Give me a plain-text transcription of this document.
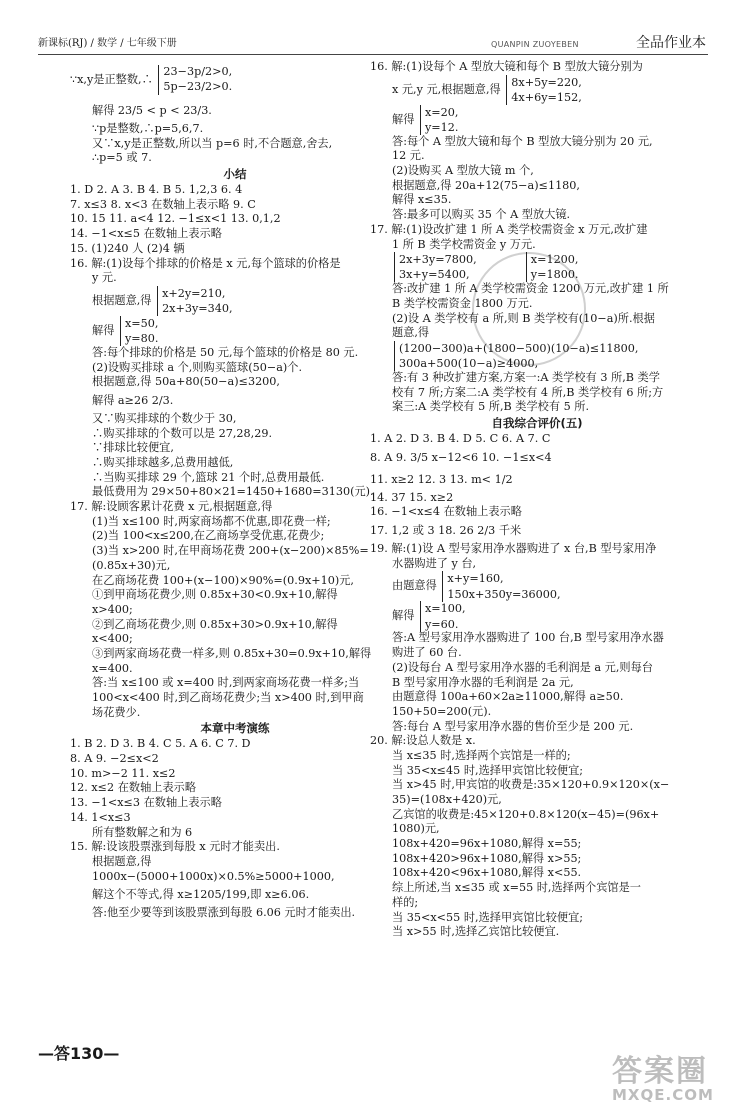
新课标(RJ) / 数学 / 七年级下册	QUANPIN ZUOYEBEN	全品作业本
∵x,y是正整数,∴
23−3p/2>0,
5p−23/2>0.
解得 23/5 < p < 23/3.
∵p是整数,∴p=5,6,7.
又∵x,y是正整数,所以当 p=6 时,不合题意,舍去,
∴p=5 或 7.
小结
1. D 2. A 3. B 4. B 5. 1,2,3 6. 4
7. x≤3 8. x<3 在数轴上表示略 9. C
10. 15 11. a<4 12. −1≤x<1 13. 0,1,2
14. −1<x≤5 在数轴上表示略
15. (1)240 人 (2)4 辆
16. 解:(1)设每个排球的价格是 x 元,每个篮球的价格是
y 元.
根据题意,得
x+2y=210,
2x+3y=340,
解得
x=50,
y=80.
答:每个排球的价格是 50 元,每个篮球的价格是 80 元.
(2)设购买排球 a 个,则购买篮球(50−a)个.
根据题意,得 50a+80(50−a)≤3200,
解得 a≥26 2/3.
又∵购买排球的个数少于 30,
∴购买排球的个数可以是 27,28,29.
∵排球比较便宜,
∴购买排球越多,总费用越低,
∴当购买排球 29 个,篮球 21 个时,总费用最低.
最低费用为 29×50+80×21=1450+1680=3130(元).
17. 解:设顾客累计花费 x 元,根据题意,得
(1)当 x≤100 时,两家商场都不优惠,即花费一样;
(2)当 100<x≤200,在乙商场享受优惠,花费少;
(3)当 x>200 时,在甲商场花费 200+(x−200)×85%=
(0.85x+30)元,
在乙商场花费 100+(x−100)×90%=(0.9x+10)元,
①到甲商场花费少,则 0.85x+30<0.9x+10,解得
x>400;
②到乙商场花费少,则 0.85x+30>0.9x+10,解得
x<400;
③到两家商场花费一样多,则 0.85x+30=0.9x+10,解得
x=400.
答:当 x≤100 或 x=400 时,到两家商场花费一样多;当
100<x<400 时,到乙商场花费少;当 x>400 时,到甲商
场花费少.
本章中考演练
1. B 2. D 3. B 4. C 5. A 6. C 7. D
8. A 9. −2≤x<2
10. m>−2 11. x≤2
12. x≤2 在数轴上表示略
13. −1<x≤3 在数轴上表示略
14. 1<x≤3
所有整数解之和为 6
15. 解:设该股票涨到每股 x 元时才能卖出.
根据题意,得
1000x−(5000+1000x)×0.5%≥5000+1000,
解这个不等式,得 x≥1205/199,即 x≥6.06.
答:他至少要等到该股票涨到每股 6.06 元时才能卖出.
16. 解:(1)设每个 A 型放大镜和每个 B 型放大镜分别为
x 元,y 元,根据题意,得
8x+5y=220,
4x+6y=152,
解得
x=20,
y=12.
答:每个 A 型放大镜和每个 B 型放大镜分别为 20 元,
12 元.
(2)设购买 A 型放大镜 m 个,
根据题意,得 20a+12(75−a)≤1180,
解得 x≤35.
答:最多可以购买 35 个 A 型放大镜.
17. 解:(1)设改扩建 1 所 A 类学校需资金 x 万元,改扩建
1 所 B 类学校需资金 y 万元.
2x+3y=7800,
3x+y=5400,

x=1200,
y=1800.
答:改扩建 1 所 A 类学校需资金 1200 万元,改扩建 1 所
B 类学校需资金 1800 万元.
(2)设 A 类学校有 a 所,则 B 类学校有(10−a)所.根据
题意,得
(1200−300)a+(1800−500)(10−a)≤11800,
300a+500(10−a)≥4000,
答:有 3 种改扩建方案,方案一:A 类学校有 3 所,B 类学
校有 7 所;方案二:A 类学校有 4 所,B 类学校有 6 所;方
案三:A 类学校有 5 所,B 类学校有 5 所.
自我综合评价(五)
1. A 2. D 3. B 4. D 5. C 6. A 7. C
8. A 9. 3/5 x−12<6 10. −1≤x<4
11. x≥2 12. 3 13. m< 1/2
14. 37 15. x≥2
16. −1<x≤4 在数轴上表示略
17. 1,2 或 3 18. 26 2/3 千米
19. 解:(1)设 A 型号家用净水器购进了 x 台,B 型号家用净
水器购进了 y 台,
由题意得
x+y=160,
150x+350y=36000,
解得
x=100,
y=60.
答:A 型号家用净水器购进了 100 台,B 型号家用净水器
购进了 60 台.
(2)设每台 A 型号家用净水器的毛利润是 a 元,则每台
B 型号家用净水器的毛利润是 2a 元,
由题意得 100a+60×2a≥11000,解得 a≥50.
150+50=200(元).
答:每台 A 型号家用净水器的售价至少是 200 元.
20. 解:设总人数是 x.
当 x≤35 时,选择两个宾馆是一样的;
当 35<x≤45 时,选择甲宾馆比较便宜;
当 x>45 时,甲宾馆的收费是:35×120+0.9×120×(x−
35)=(108x+420)元,
乙宾馆的收费是:45×120+0.8×120(x−45)=(96x+
1080)元,
108x+420=96x+1080,解得 x=55;
108x+420>96x+1080,解得 x>55;
108x+420<96x+1080,解得 x<55.
综上所述,当 x≤35 或 x=55 时,选择两个宾馆是一
样的;
当 35<x<55 时,选择甲宾馆比较便宜;
当 x>55 时,选择乙宾馆比较便宜.
—答130—
答案圈
MXQE.COM
